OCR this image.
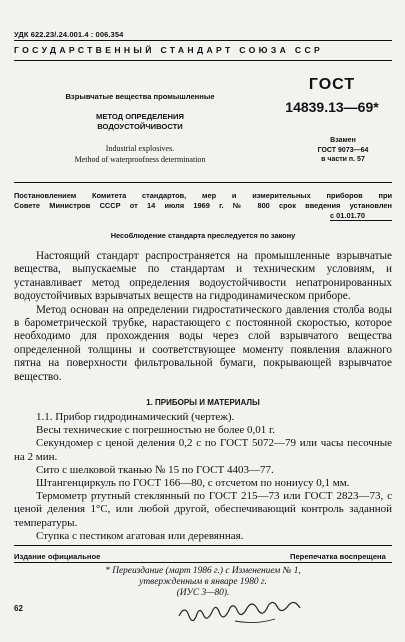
УДК 622.23/.24.001.4 : 006.354
ГОСУДАРСТВЕННЫЙ СТАНДАРТ СОЮЗА ССР

Взрывчатые вещества промышленные

МЕТОД ОПРЕДЕЛЕНИЯ
ВОДОУСТОЙЧИВОСТИ
Industrial explosives.
Method of waterproofness determination
ГОСТ
14839.13—69*
Взамен
ГОСТ 9073—64
в части п. 57
Постановлением Комитета стандартов, мер и измерительных приборов при
Совете Министров СССР от 14 июля 1969 г. № 800 срок введения установлен
с 01.01.70
Несоблюдение стандарта преследуется по закону

Настоящий стандарт распространяется на промышленные взрывчатые вещества, выпускаемые по стандартам и техническим условиям, и устанавливает метод определения водоустойчивости непатронированных водоустойчивых взрывчатых веществ на гидродинамическом приборе.

Метод основан на определении гидростатического давления столба воды в барометрической трубке, нарастающего с постоянной скоростью, которое необходимо для прохождения воды через слой взрывчатого вещества определенной толщины и соответствующее моменту появления влажного пятна на поверхности фильтровальной бумаги, покрывающей взрывчатое вещество.

1. ПРИБОРЫ И МАТЕРИАЛЫ

1.1. Прибор гидродинамический (чертеж).

Весы технические с погрешностью не более 0,01 г.

Секундомер с ценой деления 0,2 с по ГОСТ 5072—79 или часы песочные на 2 мин.

Сито с шелковой тканью № 15 по ГОСТ 4403—77.

Штангенциркуль по ГОСТ 166—80, с отсчетом по нониусу 0,1 мм.

Термометр ртутный стеклянный по ГОСТ 215—73 или ГОСТ 2823—73, с ценой деления 1°С, или любой другой, обеспечивающий контроль заданной температуры.

Ступка с пестиком агатовая или деревянная.

Издание официальное	Перепечатка воспрещена
* Переиздание (март 1986 г.) с Изменением № 1,
утвержденным в январе 1980 г.
(ИУС 3—80).
62
